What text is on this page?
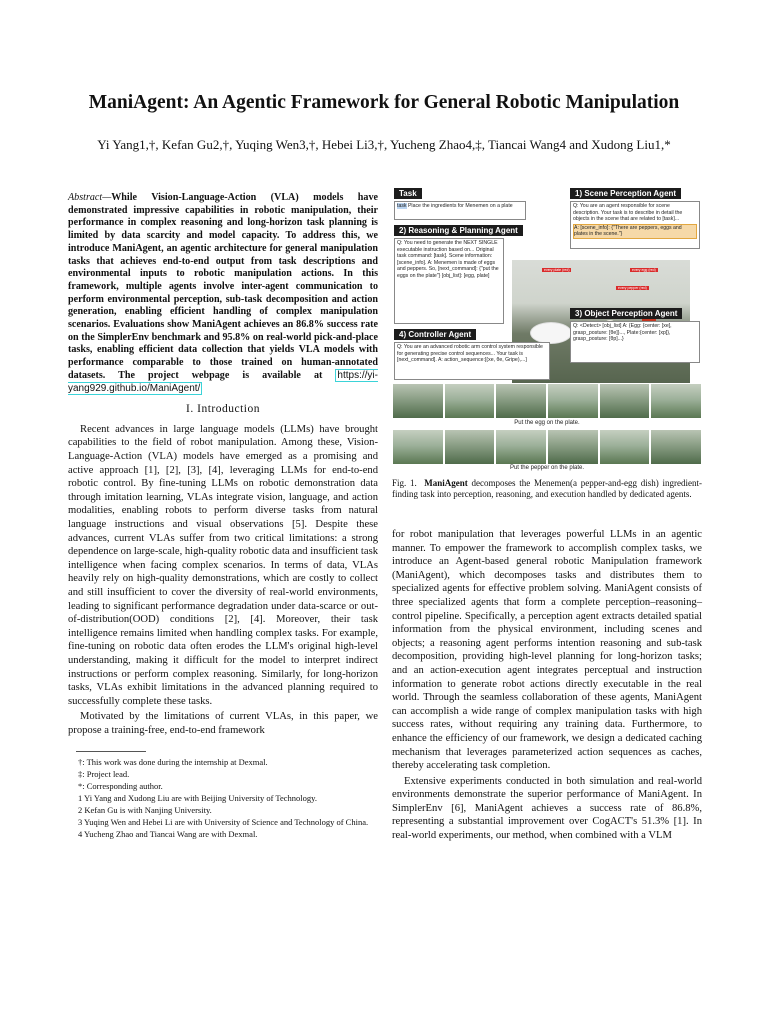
ManiAgent: An Agentic Framework for General Robotic Manipulation
Yi Yang1,†, Kefan Gu2,†, Yuqing Wen3,†, Hebei Li3,†, Yucheng Zhao4,‡, Tiancai Wang4 and Xudong Liu1,*
Abstract—While Vision-Language-Action (VLA) models have demonstrated impressive capabilities in robotic manipulation, their performance in complex reasoning and long-horizon task planning is limited by data scarcity and model capacity. To address this, we introduce ManiAgent, an agentic architecture for general manipulation tasks that achieves end-to-end output from task descriptions and environmental inputs to robotic manipulation actions. In this framework, multiple agents involve inter-agent communication to perform environmental perception, sub-task decomposition and action generation, enabling efficient handling of complex manipulation scenarios. Evaluations show ManiAgent achieves an 86.8% success rate on the SimplerEnv benchmark and 95.8% on real-world pick-and-place tasks, enabling efficient data collection that yields VLA models with performance comparable to those trained on human-annotated datasets. The project webpage is available at https://yi-yang929.github.io/ManiAgent/
I. Introduction

Recent advances in large language models (LLMs) have brought capabilities to the field of robot manipulation. Among these, Vision-Language-Action (VLA) models have emerged as a promising and active approach [1], [2], [3], [4], leveraging LLMs for end-to-end robotic control. By fine-tuning LLMs on robotic demonstration data through imitation learning, VLAs integrate vision, language, and action modalities, enabling robots to perform diverse tasks from natural language instructions and visual observations [5]. Despite these advances, current VLAs suffer from two critical limitations: a strong dependence on large-scale, high-quality robotic data and insufficient task intelligence when facing complex scenarios. In terms of data, VLAs heavily rely on high-quality demonstrations, which are costly to collect and still insufficient to cover the diversity of real-world environments, leading to significant performance degradation under data-scarce or out-of-distribution(OOD) conditions [2], [4]. Moreover, their task intelligence remains limited when handling complex tasks. For example, fine-tuning on robotic data often erodes the LLM's original high-level understanding, making it difficult for the model to interpret indirect instructions or perform complex reasoning. Similarly, for long-horizon tasks, VLAs exhibit limitations in the advanced planning required to successfully complete these tasks.

Motivated by the limitations of current VLAs, in this paper, we propose a training-free, end-to-end framework

†: This work was done during the internship at Dexmal.

‡: Project lead.

*: Corresponding author.

1 Yi Yang and Xudong Liu are with Beijing University of Technology.

2 Kefan Gu is with Nanjing University.

3 Yuqing Wen and Hebei Li are with University of Science and Technology of China.

4 Yucheng Zhao and Tiancai Wang are with Dexmal.

Task
task Place the ingredients for Menemen on a plate
1) Scene Perception Agent
Q: You are an agent responsible for scene description. Your task is to describe in detail the objects in the scene that are related to [task]...
A: [scene_info]: {"There are peppers, eggs and plates in the scene."}
2) Reasoning & Planning Agent
Q: You need to generate the NEXT SINGLE executable instruction based on... Original task command: [task]. Scene information: [scene_info]. A: Menemen is made of eggs and peppers. So, [next_command]: {"put the eggs on the plate"} [obj_list]: [egg, plate]
every plate (red)	every egg (red)
every pepper (red)
3) Object Perception Agent
Q: <Detect> [obj_list] A: {Egg: {center: [xe], grasp_posture: [θe]}..., Plate:{center: [xp]}, grasp_posture: [θp]...}
4) Controller Agent
Q: You are an advanced robotic arm control system responsible for generating precise control sequences... Your task is [next_command]. A: action_sequence:[(xe, θe, Gripe),...]
Put the egg on the plate.
Put the pepper on the plate.
Fig. 1. ManiAgent decomposes the Menemen(a pepper-and-egg dish) ingredient-finding task into perception, reasoning, and execution handled by dedicated agents.

for robot manipulation that leverages powerful LLMs in an agentic manner. To empower the framework to accomplish complex tasks, we introduce an Agent-based general robotic Manipulation framework (ManiAgent), which decomposes tasks and distributes them to specialized agents for effective problem solving. ManiAgent consists of three specialized agents that form a complete perception–reasoning–control pipeline. Specifically, a perception agent extracts detailed spatial information from the physical environment, including scenes and objects; a reasoning agent performs intention reasoning and sub-task decomposition, providing high-level planning for long-horizon tasks; and an action-execution agent integrates perceptual and instruction information to generate robot actions directly executable in the real world. Through the seamless collaboration of these agents, ManiAgent can accomplish a wide range of complex manipulation tasks with high success rates, without requiring any training data. Furthermore, to enhance the efficiency of our framework, we design a dedicated caching mechanism that leverages parameterized action sequences as caches, thereby accelerating task completion.

Extensive experiments conducted in both simulation and real-world environments demonstrate the superior performance of ManiAgent. In SimplerEnv [6], ManiAgent achieves a success rate of 86.8%, representing a substantial improvement over CogACT's 51.3% [1]. In real-world experiments, our method, when combined with a VLM
